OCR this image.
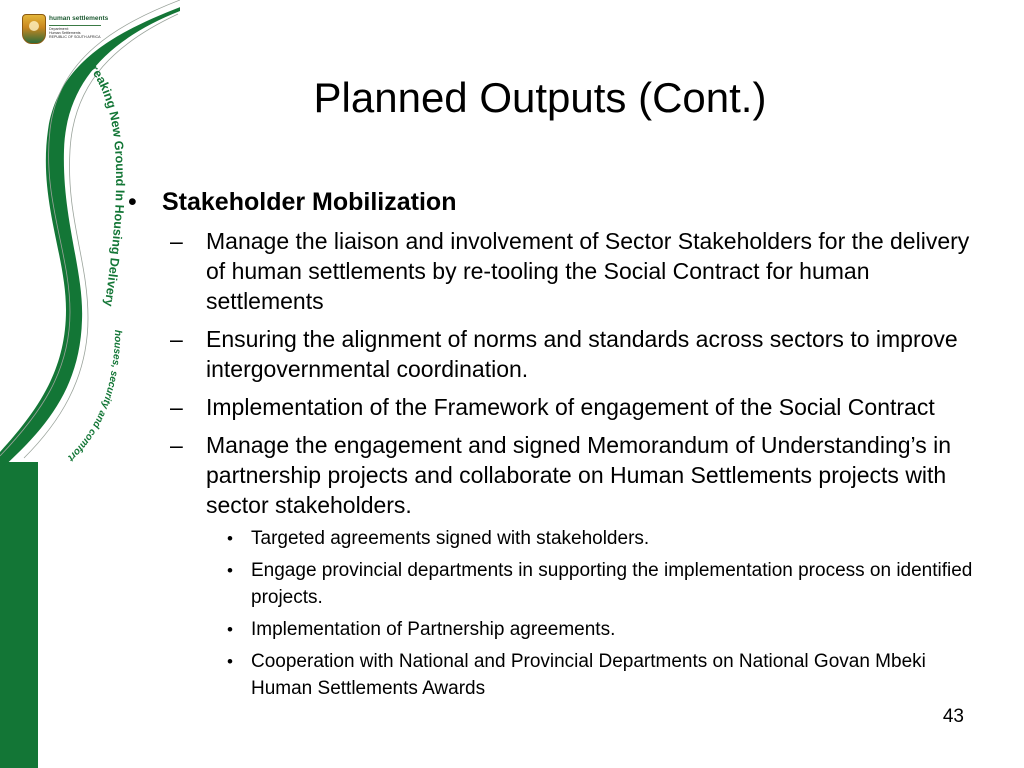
Breaking New Ground In Housing Delivery
houses, security and comfort
human settlements
Department:
Human Settlements
REPUBLIC OF SOUTH AFRICA
Planned Outputs (Cont.)
• Stakeholder Mobilization
– Manage the liaison and involvement of Sector Stakeholders for the delivery of human settlements by re-tooling the Social Contract for human settlements
– Ensuring the alignment of norms and standards across sectors to improve intergovernmental coordination.
– Implementation of the Framework of engagement of the Social Contract
– Manage the engagement and signed Memorandum of Understanding’s in partnership projects and collaborate on Human Settlements projects with sector stakeholders.
• Targeted agreements signed with stakeholders.
• Engage provincial departments in supporting the implementation process on identified projects.
• Implementation of Partnership agreements.
• Cooperation with National and Provincial Departments on National Govan Mbeki Human Settlements Awards
43
